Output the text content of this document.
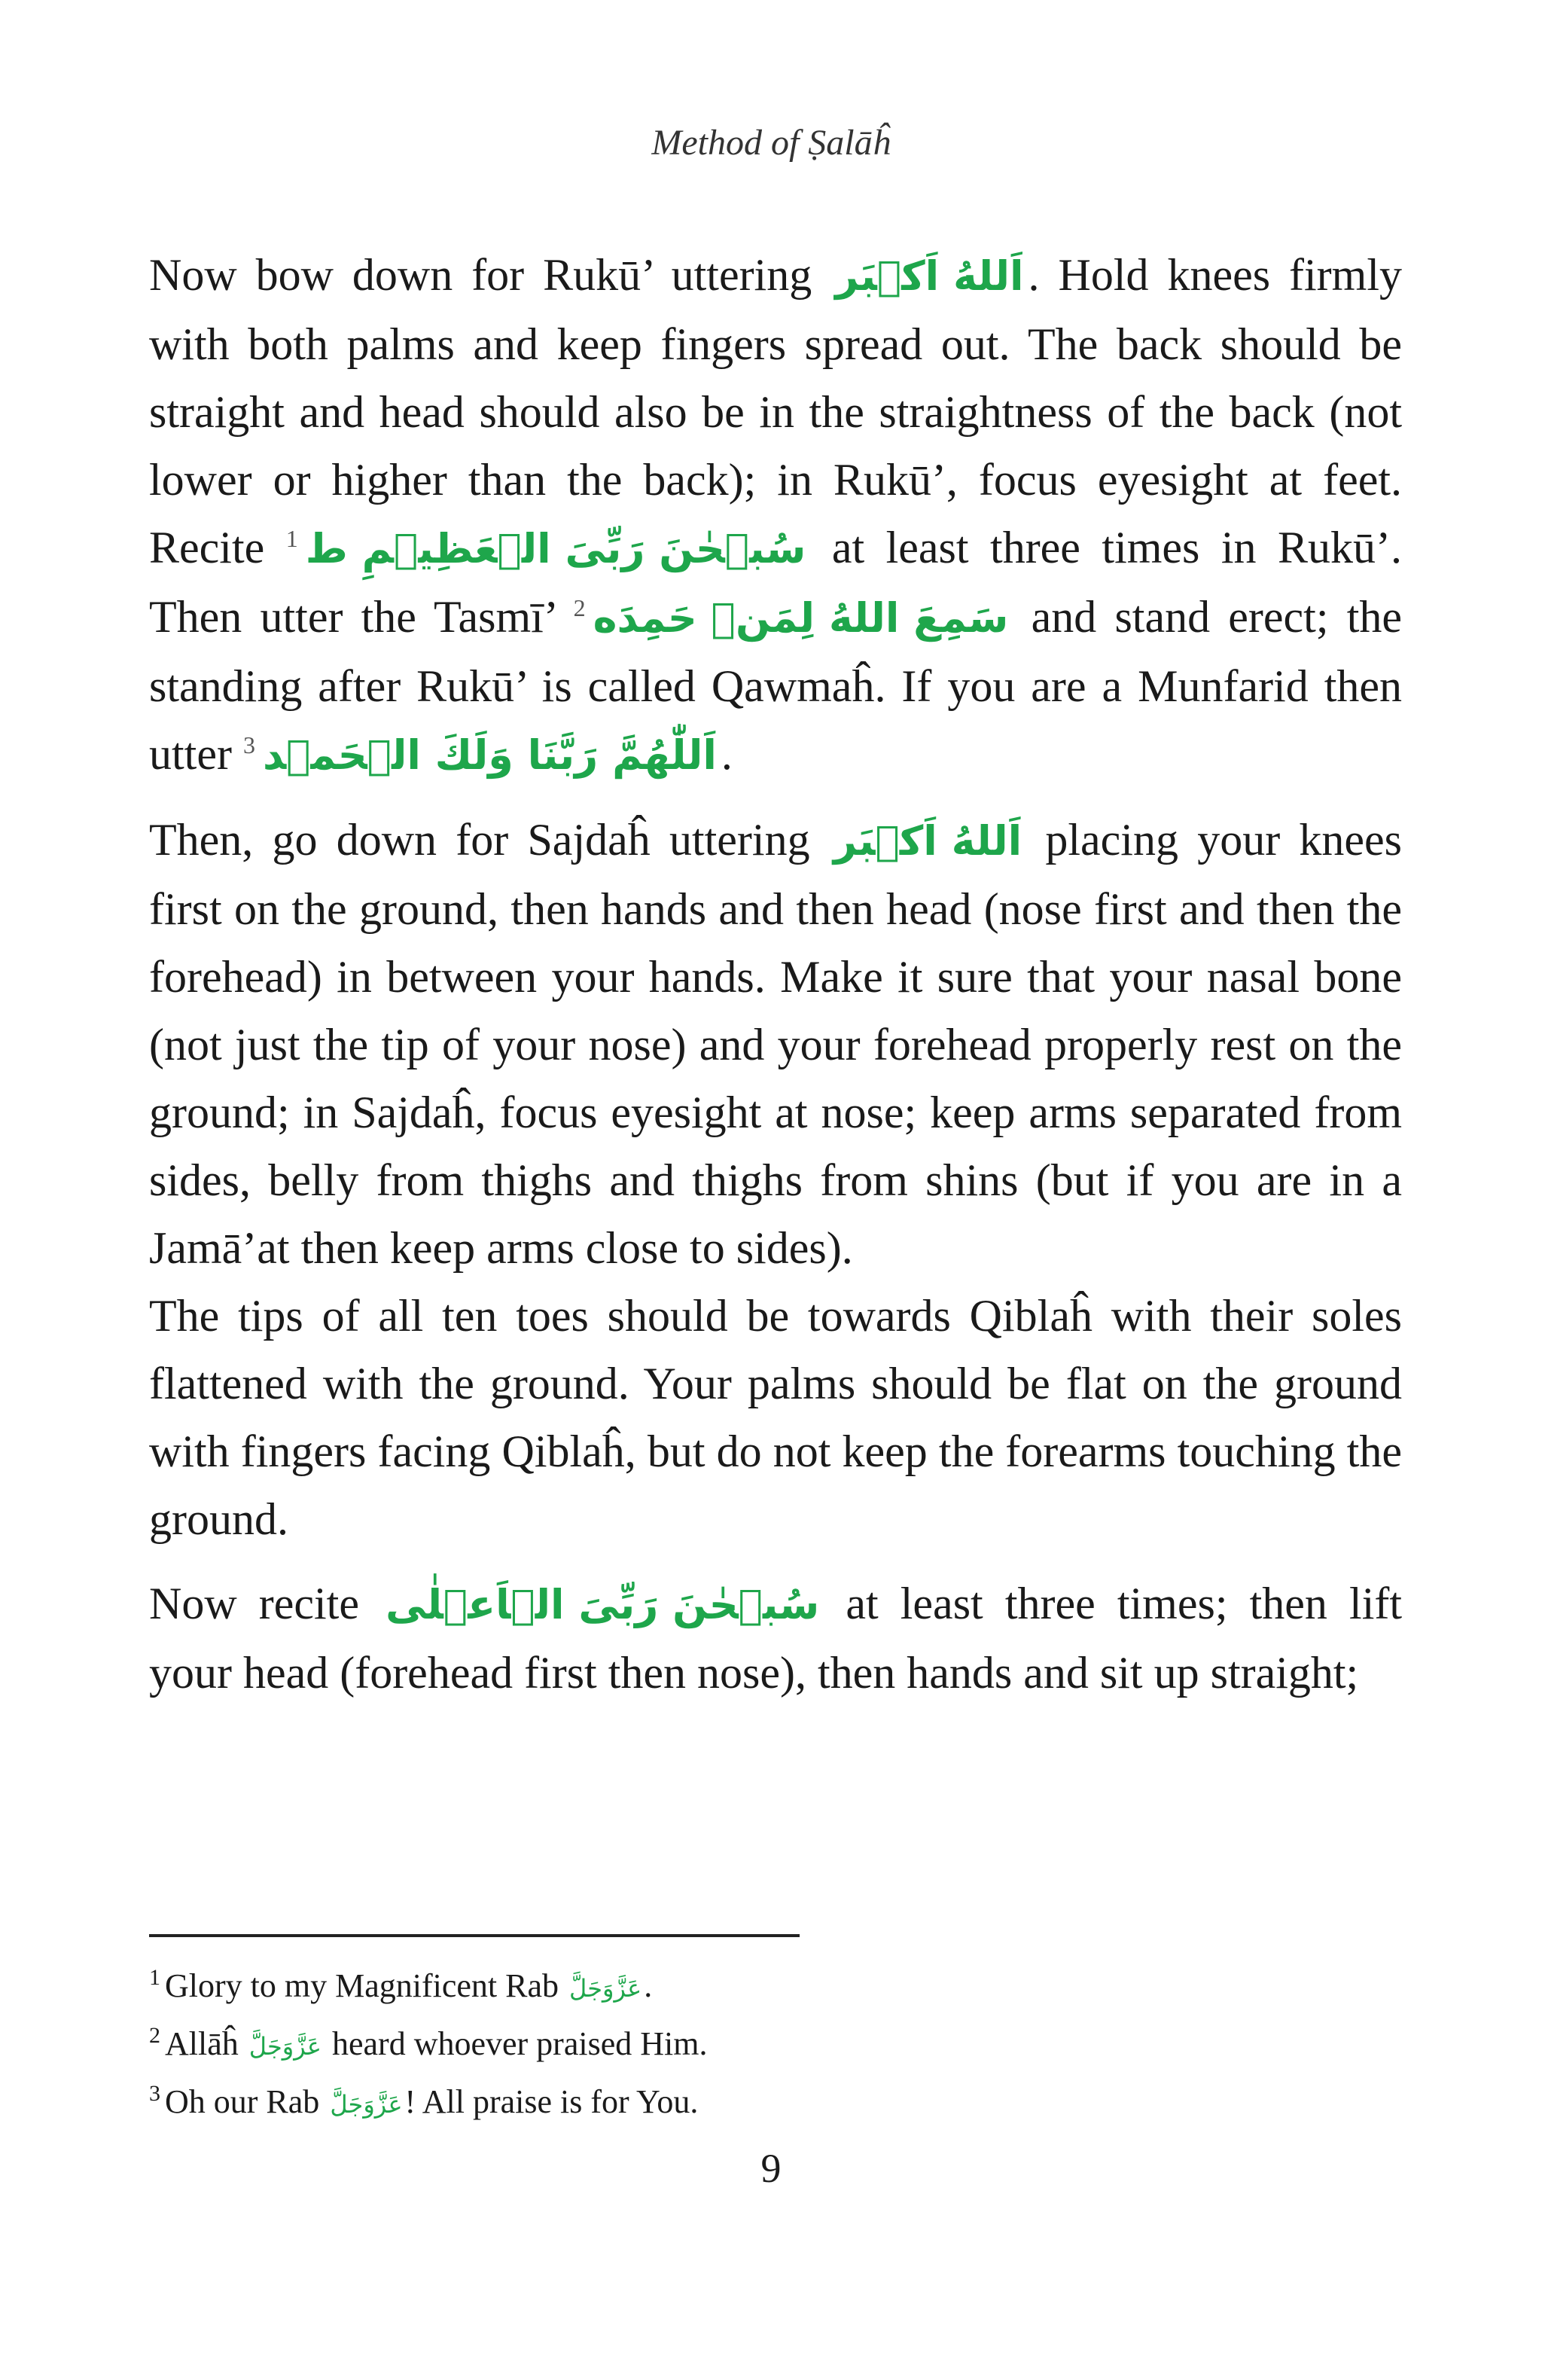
Method of Ṣalāĥ

Now bow down for Rukū’ uttering اَللهُ اَكۡبَر . Hold knees firmly with both palms and keep fingers spread out. The back should be straight and head should also be in the straightness of the back (not lower or higher than the back); in Rukū’, focus eyesight at feet. Recite $^1$ سُبۡحٰنَ رَبِّیَ الۡعَظِیۡمِ ط at least three times in Rukū’. Then utter the Tasmī’ $^2$ سَمِعَ اللهُ لِمَنۡ حَمِدَه and stand erect; the standing after Rukū’ is called Qawmaĥ. If you are a Munfarid then utter $^3$ اَللّٰهُمَّ رَبَّنَا وَلَكَ الۡحَمۡد .

Then, go down for Sajdaĥ uttering اَللهُ اَكۡبَر placing your knees first on the ground, then hands and then head (nose first and then the forehead) in between your hands. Make it sure that your nasal bone (not just the tip of your nose) and your forehead properly rest on the ground; in Sajdaĥ, focus eyesight at nose; keep arms separated from sides, belly from thighs and thighs from shins (but if you are in a Jamā’at then keep arms close to sides).

The tips of all ten toes should be towards Qiblaĥ with their soles flattened with the ground. Your palms should be flat on the ground with fingers facing Qiblaĥ, but do not keep the forearms touching the ground.

Now recite سُبۡحٰنَ رَبِّیَ الۡاَعۡلٰی at least three times; then lift your head (forehead first then nose), then hands and sit up straight;

$^1$ Glory to my Magnificent Rab عَزَّوَجَلَّ.
$^2$ Allāĥ عَزَّوَجَلَّ heard whoever praised Him.
$^3$ Oh our Rab عَزَّوَجَلَّ! All praise is for You.
9
